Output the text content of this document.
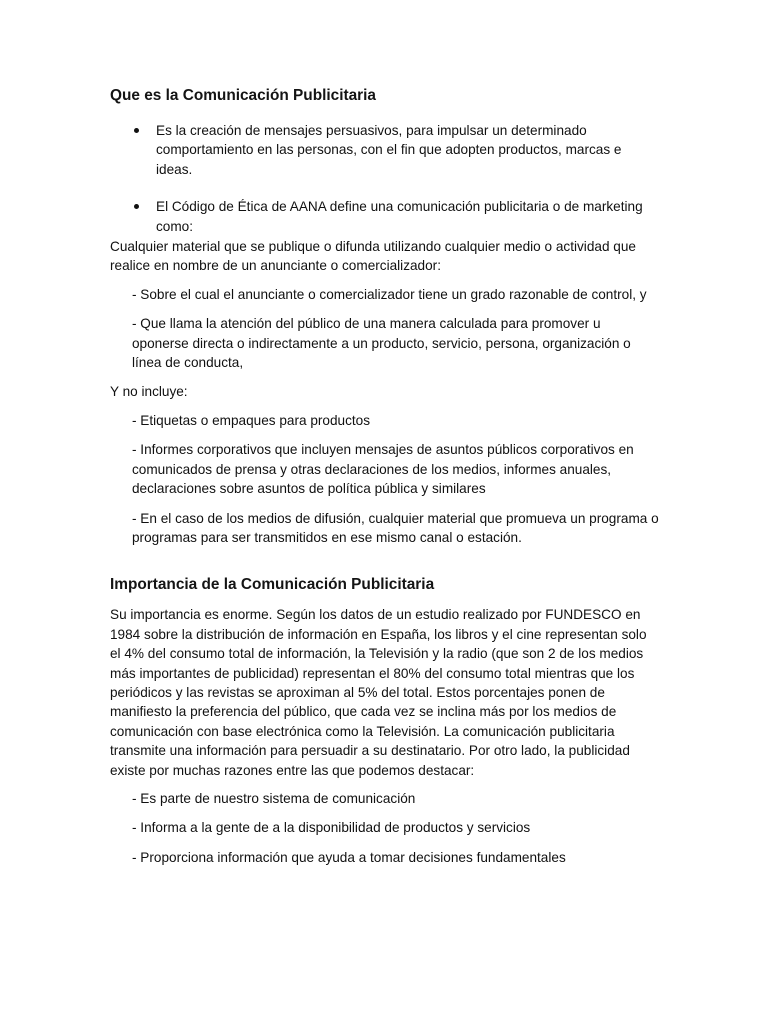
Que es la Comunicación Publicitaria
Es la creación de mensajes persuasivos, para impulsar un determinado comportamiento en las personas, con el fin que adopten productos, marcas e ideas.
El Código de Ética de AANA define una comunicación publicitaria o de marketing como:

Cualquier material que se publique o difunda utilizando cualquier medio o actividad que realice en nombre de un anunciante o comercializador:

- Sobre el cual el anunciante o comercializador tiene un grado razonable de control, y

- Que llama la atención del público de una manera calculada para promover u oponerse directa o indirectamente a un producto, servicio, persona, organización o línea de conducta,

Y no incluye:

- Etiquetas o empaques para productos

- Informes corporativos que incluyen mensajes de asuntos públicos corporativos en comunicados de prensa y otras declaraciones de los medios, informes anuales, declaraciones sobre asuntos de política pública y similares

- En el caso de los medios de difusión, cualquier material que promueva un programa o programas para ser transmitidos en ese mismo canal o estación.

Importancia de la Comunicación Publicitaria

Su importancia es enorme. Según los datos de un estudio realizado por FUNDESCO en 1984 sobre la distribución de información en España, los libros y el cine representan solo el 4% del consumo total de información, la Televisión y la radio (que son 2 de los medios más importantes de publicidad) representan el 80% del consumo total mientras que los periódicos y las revistas se aproximan al 5% del total. Estos porcentajes ponen de manifiesto la preferencia del público, que cada vez se inclina más por los medios de comunicación con base electrónica como la Televisión. La comunicación publicitaria transmite una información para persuadir a su destinatario. Por otro lado, la publicidad existe por muchas razones entre las que podemos destacar:

- Es parte de nuestro sistema de comunicación

- Informa a la gente de a la disponibilidad de productos y servicios

- Proporciona información que ayuda a tomar decisiones fundamentales
